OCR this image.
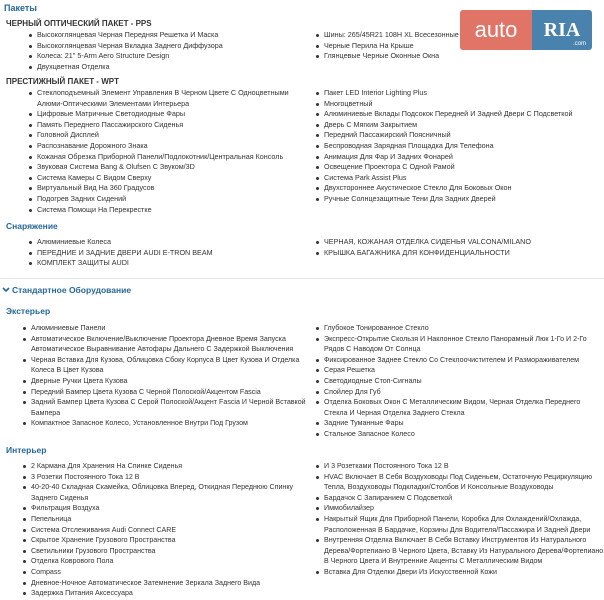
Пакеты
ЧЕРНЫЙ ОПТИЧЕСКИЙ ПАКЕТ - PPS
Высокоглянцевая Черная Передняя Решетка И Маска
Высокоглянцевая Черная Вкладка Заднего Диффузора
Колеса: 21" 5-Arm Aero Structure Design
Двухцветная Отделка
Шины: 265/45R21 108H XL Всесезонные
Черные Перила На Крыше
Глянцевые Черные Оконные Окна
ПРЕСТИЖНЫЙ ПАКЕТ - WPT
Стеклоподъемный Элемент Управления В Черном Цвете С Одноцветными Алюми-Оптическими Элементами Интерьера
Цифровые Матричные Светодиодные Фары
Память Переднего Пассажирского Сиденья
Головной Дисплей
Распознавание Дорожного Знака
Кожаная Обрезка Приборной Панели/Подлокотник/Центральная Консоль
Звуковая Система Bang & Olufsen С Звуком/3D
Система Камеры С Видом Сверху
Виртуальный Вид На 360 Градусов
Подогрев Задних Сидений
Система Помощи На Перекрестке
Пакет LED Interior Lighting Plus
Многоцветный
Алюминиевые Вклады Подсокок Передней И Задней Двери С Подсветкой
Дверь С Мягким Закрытием
Передний Пассажирский Поясничный
Беспроводная Зарядная Площадка Для Телефона
Анимация Для Фар И Задних Фонарей
Освещение Проектора С Одной Рамой
Система Park Assist Plus
Двухстороннее Акустическое Стекло Для Боковых Окон
Ручные Солнцезащитные Тени Для Задних Дверей
Снаряжение
Алюминиевые Колеса
ПЕРЕДНИЕ И ЗАДНИЕ ДВЕРИ AUDI E-TRON BEAM
КОМПЛЕКТ ЗАЩИТЫ AUDI
ЧЕРНАЯ, КОЖАНАЯ ОТДЕЛКА СИДЕНЬЯ VALCONA/MILANO
КРЫШКА БАГАЖНИКА ДЛЯ КОНФИДЕНЦИАЛЬНОСТИ
Стандартное Оборудование
Экстерьер
Алюминиевые Панели
Автоматическое Включение/Выключение Проектора Дневное Время Запуска Автоматическое Выравнивание Автофары Дальнего С Задержкой Выключения
Черная Вставка Для Кузова, Облицовка Сбоку Корпуса В Цвет Кузова И Отделка Колеса В Цвет Кузова
Дверные Ручки Цвета Кузова
Передний Бампер Цвета Кузова С Черной Полоской/Акцентом Fascia
Задний Бампер Цвета Кузова С Серой Полоской/Акцент Fascia И Черной Вставкой Бампера
Компактное Запасное Колесо, Установленное Внутри Под Грузом
Глубокое Тонированное Стекло
Экспресс-Открытие Скользя И Наклонное Стекло Панорамный Люк 1-Го И 2-Го Рядов С Наводом От Солнца
Фиксированное Заднее Стекло Со Стеклоочистителем И Размораживателем
Серая Решетка
Светодиодные Стоп-Сигналы
Спойлер Для Губ
Отделка Боковых Окон С Металлическим Видом, Черная Отделка Переднего Стекла И Черная Отделка Заднего Стекла
Задние Туманные Фары
Стальное Запасное Колесо
Интерьер
2 Кармана Для Хранения На Спинке Сиденья
3 Розетки Постоянного Тока 12 В
40-20-40 Складная Скамейка, Облицовка Вперед, Откидная Переднюю Спинку Заднего Сиденья
Фильтрация Воздуха
Пепельница
Система Отслеживания Audi Connect CARE
Скрытое Хранение Грузового Пространства
Светильники Грузового Пространства
Отделка Коврового Пола
Compass
Дневное-Ночное Автоматическое Затемнение Зеркала Заднего Вида
Задержка Питания Аксессуара
И 3 Розетками Постоянного Тока 12 В
HVAC Включает В Себя Воздуховоды Под Сиденьем, Остаточную Рециркуляцию Тепла, Воздуховоды Подкладки/Столбов И Консольные Воздуховоды
Бардачок С Запиранием С Подсветкой
Иммобилайзер
Накрытый Ящик Для Приборной Панели, Коробка Для Охлаждений/Охлажда, Расположенная В Бардачке, Корзины Для Водителя/Пассажира И Задней Двери
Внутренняя Отделка Включает В Себя Вставку Инструментов Из Натурального Дерева/Фортепиано В Черного Цвета, Вставку Из Натурального Дерева/Фортепиано В Черного Цвета И Внутренние Акценты С Металлическим Видом
Вставка Для Отделки Двери Из Искусственной Кожи
auto	RIA
.com
